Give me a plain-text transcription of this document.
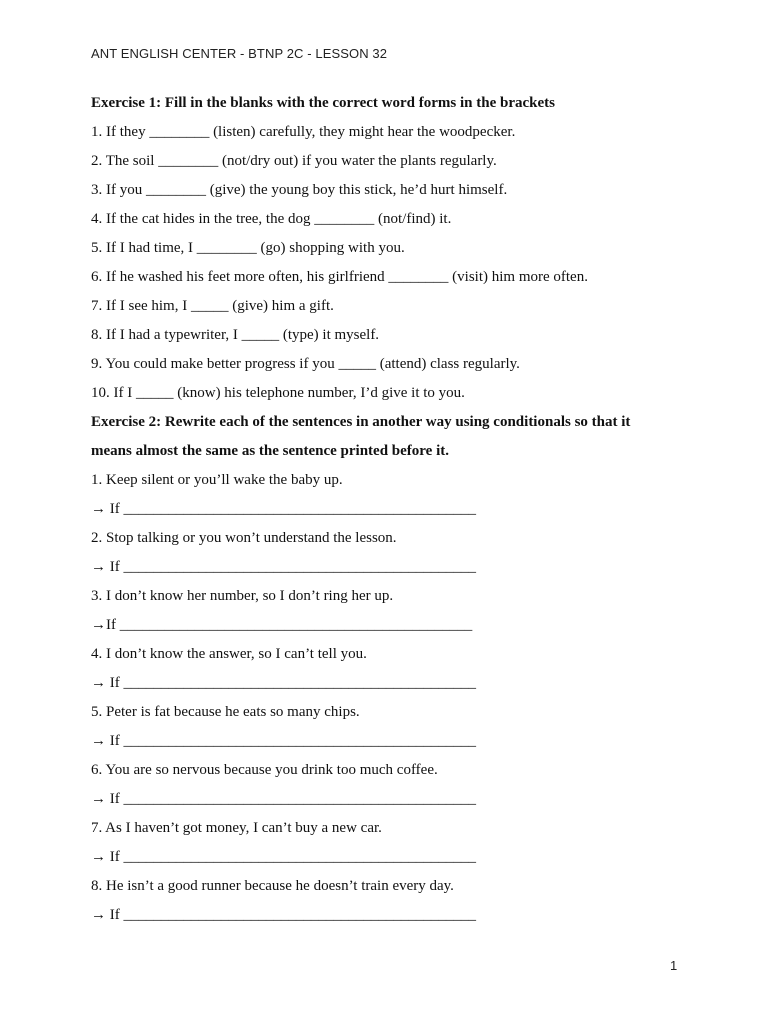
ANT ENGLISH CENTER - BTNP 2C - LESSON 32
Exercise 1: Fill in the blanks with the correct word forms in the brackets
1. If they ________ (listen) carefully, they might hear the woodpecker.
2. The soil ________ (not/dry out) if you water the plants regularly.
3. If you ________ (give) the young boy this stick, he’d hurt himself.
4. If the cat hides in the tree, the dog ________ (not/find) it.
5. If I had time, I ________ (go) shopping with you.
6. If he washed his feet more often, his girlfriend ________ (visit) him more often.
7. If I see him, I _____ (give) him a gift.
8. If I had a typewriter, I _____ (type) it myself.
9. You could make better progress if you _____ (attend) class regularly.
10. If I _____ (know) his telephone number, I’d give it to you.
Exercise 2: Rewrite each of the sentences in another way using conditionals so that it
means almost the same as the sentence printed before it.
1. Keep silent or you’ll wake the baby up.
→ If _______________________________________________
2. Stop talking or you won’t understand the lesson.
→ If _______________________________________________
3. I don’t know her number, so I don’t ring her up.
→If _______________________________________________
4. I don’t know the answer, so I can’t tell you.
→ If _______________________________________________
5. Peter is fat because he eats so many chips.
→ If _______________________________________________
6. You are so nervous because you drink too much coffee.
→ If _______________________________________________
7. As I haven’t got money, I can’t buy a new car.
→ If _______________________________________________
8. He isn’t a good runner because he doesn’t train every day.
→ If _______________________________________________
1
